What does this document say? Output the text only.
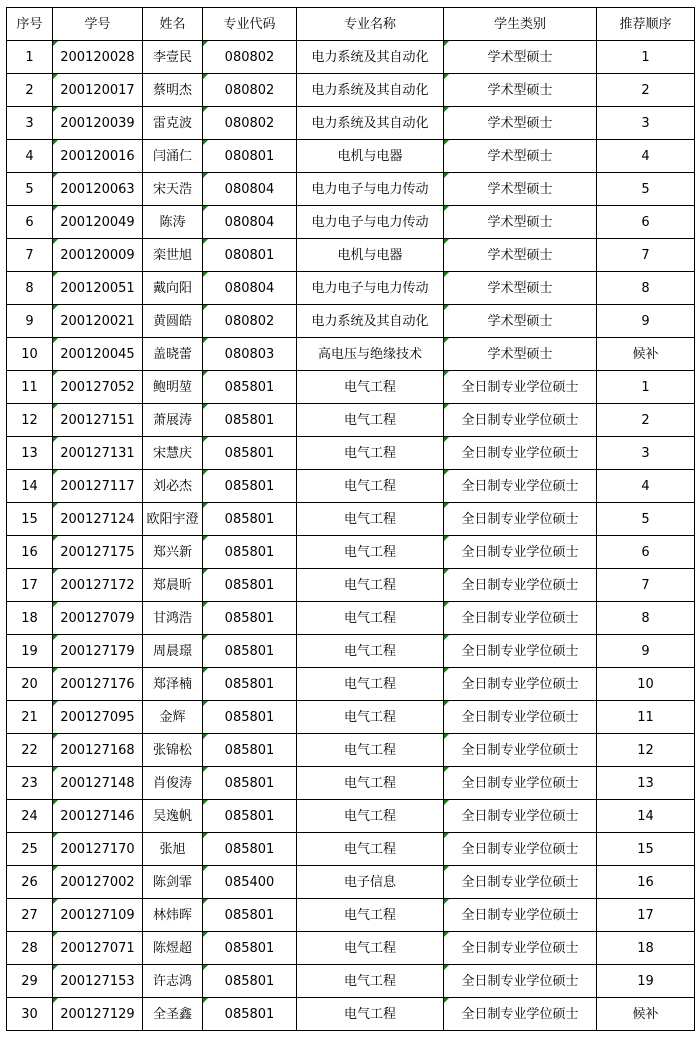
序号	学号	姓名	专业代码	专业名称	学生类别	推荐顺序
1	200120028	李壹民	080802	电力系统及其自动化	学术型硕士	1
2	200120017	蔡明杰	080802	电力系统及其自动化	学术型硕士	2
3	200120039	雷克波	080802	电力系统及其自动化	学术型硕士	3
4	200120016	闫涌仁	080801	电机与电器	学术型硕士	4
5	200120063	宋天浩	080804	电力电子与电力传动	学术型硕士	5
6	200120049	陈涛	080804	电力电子与电力传动	学术型硕士	6
7	200120009	栾世旭	080801	电机与电器	学术型硕士	7
8	200120051	戴向阳	080804	电力电子与电力传动	学术型硕士	8
9	200120021	黄圆皓	080802	电力系统及其自动化	学术型硕士	9
10	200120045	盖晓蕾	080803	高电压与绝缘技术	学术型硕士	候补
11	200127052	鲍明堃	085801	电气工程	全日制专业学位硕士	1
12	200127151	萧展涛	085801	电气工程	全日制专业学位硕士	2
13	200127131	宋慧庆	085801	电气工程	全日制专业学位硕士	3
14	200127117	刘必杰	085801	电气工程	全日制专业学位硕士	4
15	200127124	欧阳宇澄	085801	电气工程	全日制专业学位硕士	5
16	200127175	郑兴新	085801	电气工程	全日制专业学位硕士	6
17	200127172	郑晨昕	085801	电气工程	全日制专业学位硕士	7
18	200127079	甘鸿浩	085801	电气工程	全日制专业学位硕士	8
19	200127179	周晨璟	085801	电气工程	全日制专业学位硕士	9
20	200127176	郑泽楠	085801	电气工程	全日制专业学位硕士	10
21	200127095	金辉	085801	电气工程	全日制专业学位硕士	11
22	200127168	张锦松	085801	电气工程	全日制专业学位硕士	12
23	200127148	肖俊涛	085801	电气工程	全日制专业学位硕士	13
24	200127146	吴逸帆	085801	电气工程	全日制专业学位硕士	14
25	200127170	张旭	085801	电气工程	全日制专业学位硕士	15
26	200127002	陈剑霏	085400	电子信息	全日制专业学位硕士	16
27	200127109	林炜晖	085801	电气工程	全日制专业学位硕士	17
28	200127071	陈煜超	085801	电气工程	全日制专业学位硕士	18
29	200127153	许志鸿	085801	电气工程	全日制专业学位硕士	19
30	200127129	全圣鑫	085801	电气工程	全日制专业学位硕士	候补
